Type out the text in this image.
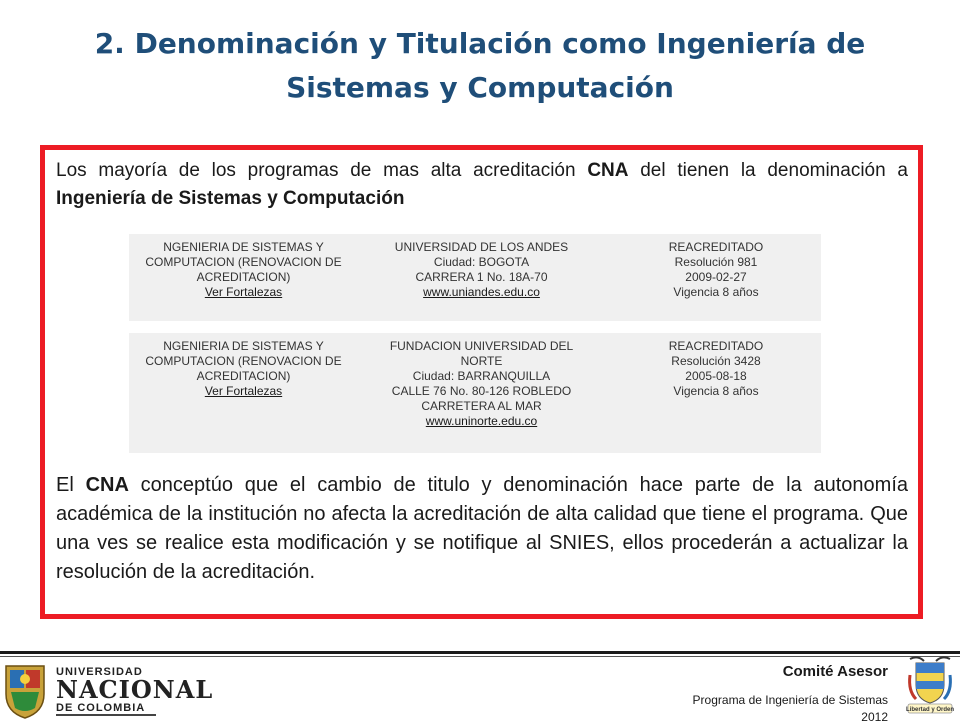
2. Denominación y Titulación como Ingeniería de
Sistemas y Computación

Los mayoría de los programas de mas alta acreditación CNA del tienen la denominación a Ingeniería de Sistemas y Computación

NGENIERIA DE SISTEMAS Y
COMPUTACION (RENOVACION DE
ACREDITACION)
Ver Fortalezas
UNIVERSIDAD DE LOS ANDES
Ciudad: BOGOTA
CARRERA 1 No. 18A-70
www.uniandes.edu.co
REACREDITADO
Resolución 981
2009-02-27
Vigencia 8 años
NGENIERIA DE SISTEMAS Y
COMPUTACION (RENOVACION DE
ACREDITACION)
Ver Fortalezas
FUNDACION UNIVERSIDAD DEL
NORTE
Ciudad: BARRANQUILLA
CALLE 76 No. 80-126 ROBLEDO
CARRETERA AL MAR
www.uninorte.edu.co
REACREDITADO
Resolución 3428
2005-08-18
Vigencia 8 años

El CNA conceptúo que el cambio de titulo y denominación hace parte de la autonomía académica de la institución no afecta la acreditación de alta calidad que tiene el programa. Que una ves se realice esta modificación y se notifique al SNIES, ellos procederán a actualizar la resolución de la acreditación.

UNIVERSIDAD
NACIONAL
DE COLOMBIA
Comité Asesor
Programa de Ingeniería de Sistemas
2012	Libertad y Orden
